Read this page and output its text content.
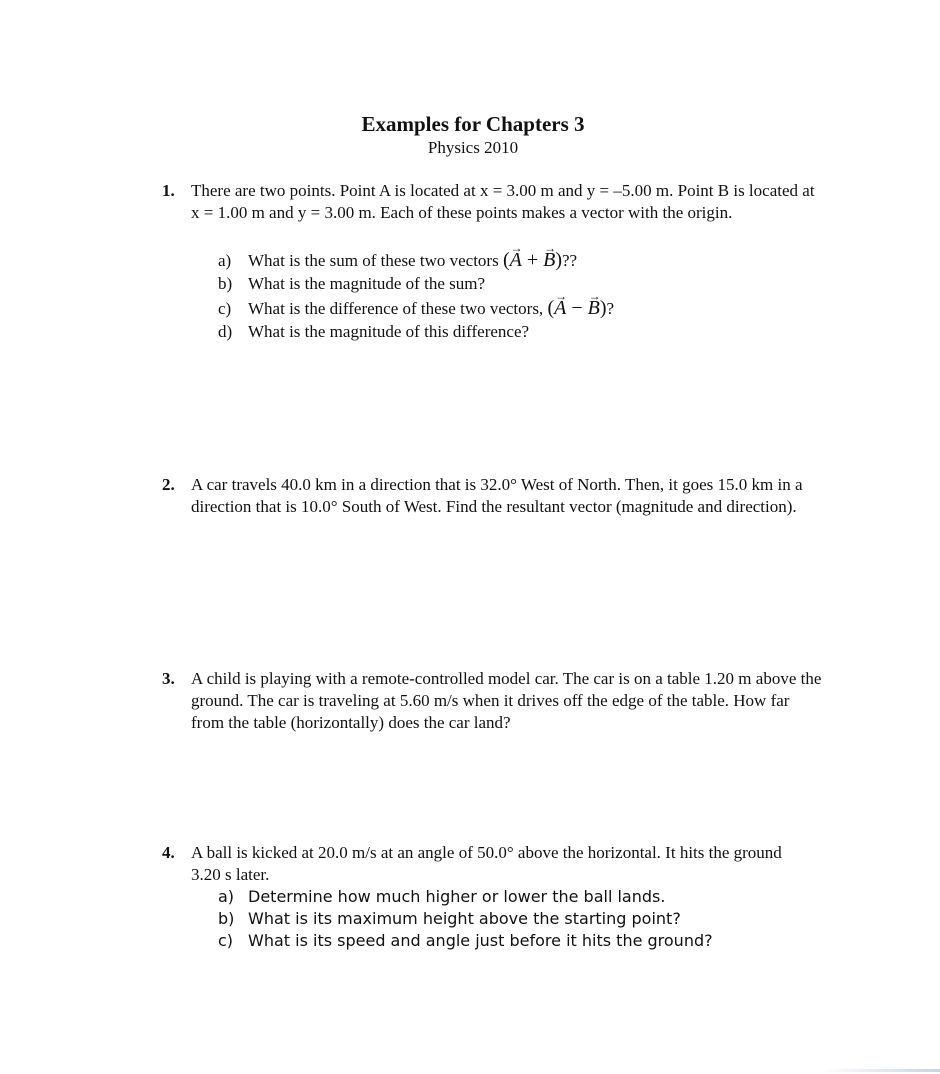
Examples for Chapters 3
Physics 2010
1. There are two points. Point A is located at x = 3.00 m and y = –5.00 m. Point B is located at x = 1.00 m and y = 3.00 m. Each of these points makes a vector with the origin.
a) What is the sum of these two vectors (→ A + → B)??
b) What is the magnitude of the sum?
c) What is the difference of these two vectors, (→ A − → B)?
d) What is the magnitude of this difference?
2. A car travels 40.0 km in a direction that is 32.0° West of North. Then, it goes 15.0 km in a direction that is 10.0° South of West. Find the resultant vector (magnitude and direction).
3. A child is playing with a remote-controlled model car. The car is on a table 1.20 m above the ground. The car is traveling at 5.60 m/s when it drives off the edge of the table. How far from the table (horizontally) does the car land?
4. A ball is kicked at 20.0 m/s at an angle of 50.0° above the horizontal. It hits the ground 3.20 s later.
a) Determine how much higher or lower the ball lands.
b) What is its maximum height above the starting point?
c) What is its speed and angle just before it hits the ground?
